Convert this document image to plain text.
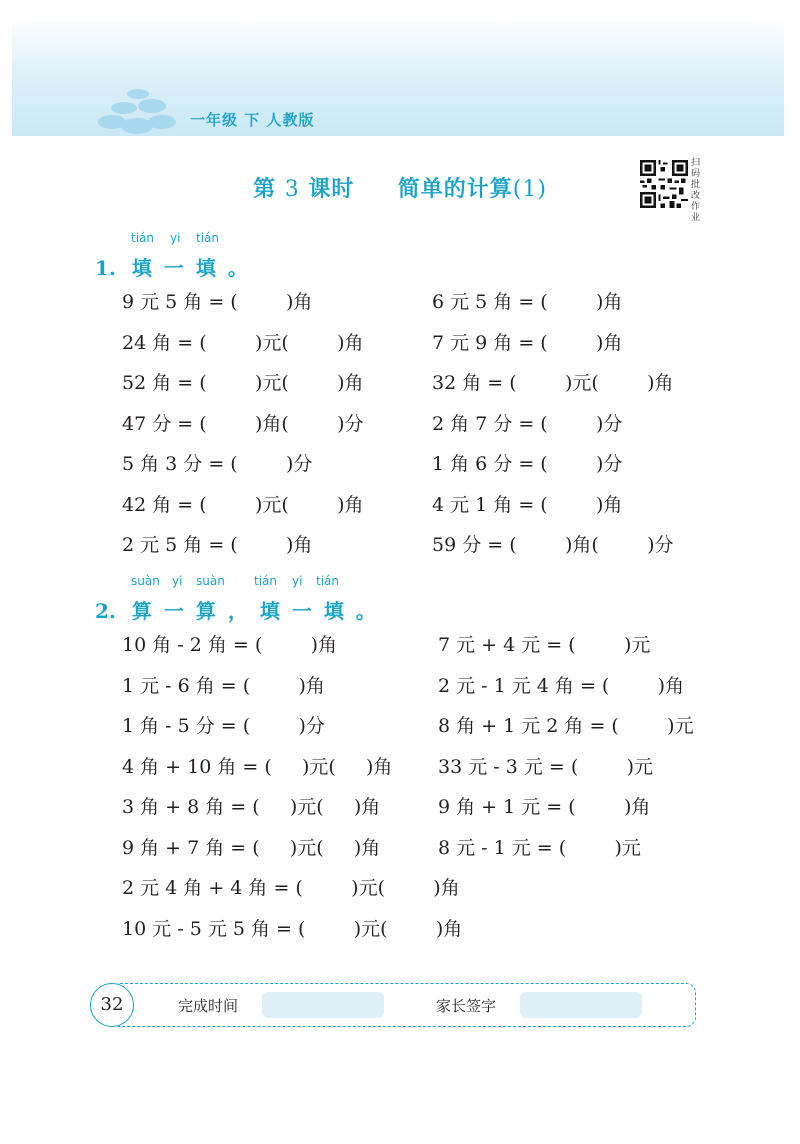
一年级 下 人教版
第 3 课时 简单的计算(1)
扫码批改作业
tián yi tián
1. 填一填。
9 元 5 角 = (        )角
24 角 = (        )元(        )角
52 角 = (        )元(        )角
47 分 = (        )角(        )分
5 角 3 分 = (        )分
42 角 = (        )元(        )角
2 元 5 角 = (        )角
6 元 5 角 = (        )角
7 元 9 角 = (        )角
32 角 = (        )元(        )角
2 角 7 分 = (        )分
1 角 6 分 = (        )分
4 元 1 角 = (        )角
59 分 = (        )角(        )分
suàn yi suàn tián yi tián
2. 算一算，填一填。
10 角 - 2 角 = (        )角
1 元 - 6 角 = (        )角
1 角 - 5 分 = (        )分
4 角 + 10 角 = (     )元(     )角
3 角 + 8 角 = (     )元(     )角
9 角 + 7 角 = (     )元(     )角
2 元 4 角 + 4 角 = (        )元(        )角
10 元 - 5 元 5 角 = (        )元(        )角
7 元 + 4 元 = (        )元
2 元 - 1 元 4 角 = (        )角
8 角 + 1 元 2 角 = (        )元
33 元 - 3 元 = (        )元
9 角 + 1 元 = (        )角
8 元 - 1 元 = (        )元
32	完成时间	家长签字
